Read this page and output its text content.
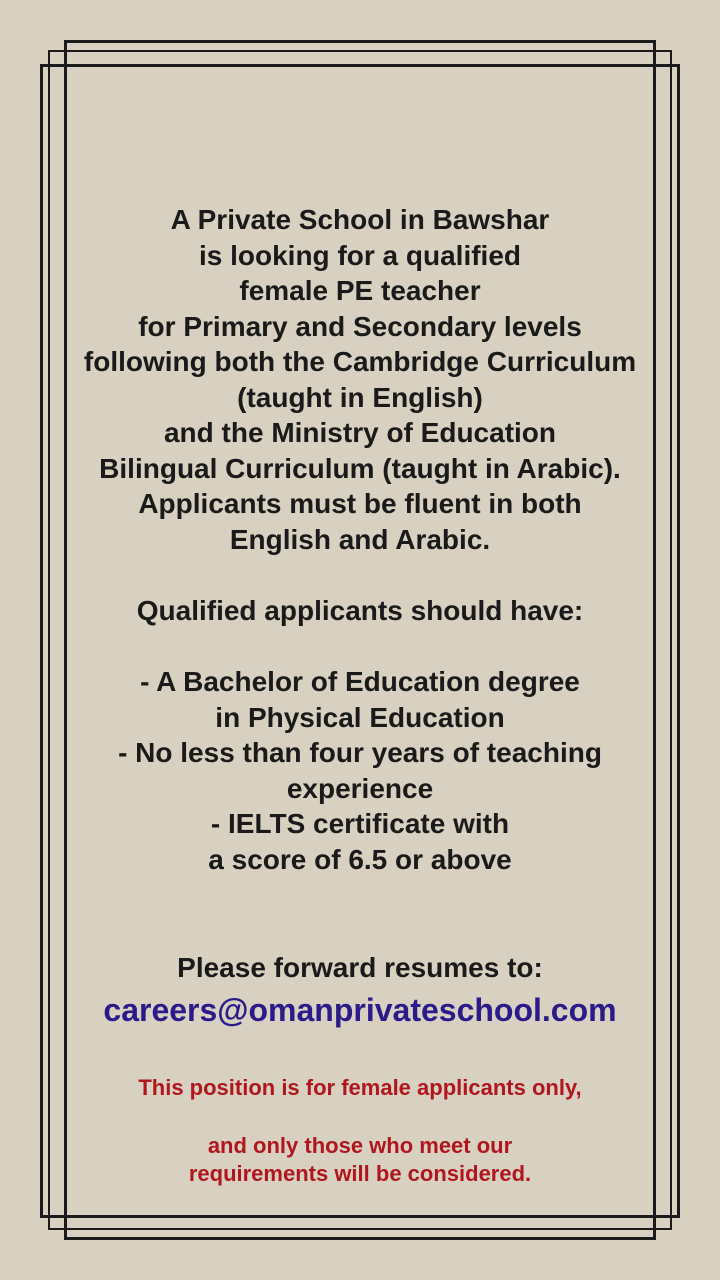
A Private School in Bawshar
is looking for a qualified
female PE teacher
for Primary and Secondary levels
following both the Cambridge Curriculum
(taught in English)
and the Ministry of Education
Bilingual Curriculum (taught in Arabic).
Applicants must be fluent in both
English and Arabic.

Qualified applicants should have:

- A Bachelor of Education degree
in Physical Education
- No less than four years of teaching
experience
- IELTS certificate with
a score of 6.5 or above

Please forward resumes to:

careers@omanprivateschool.com

This position is for female applicants only,

and only those who meet our
requirements will be considered.
